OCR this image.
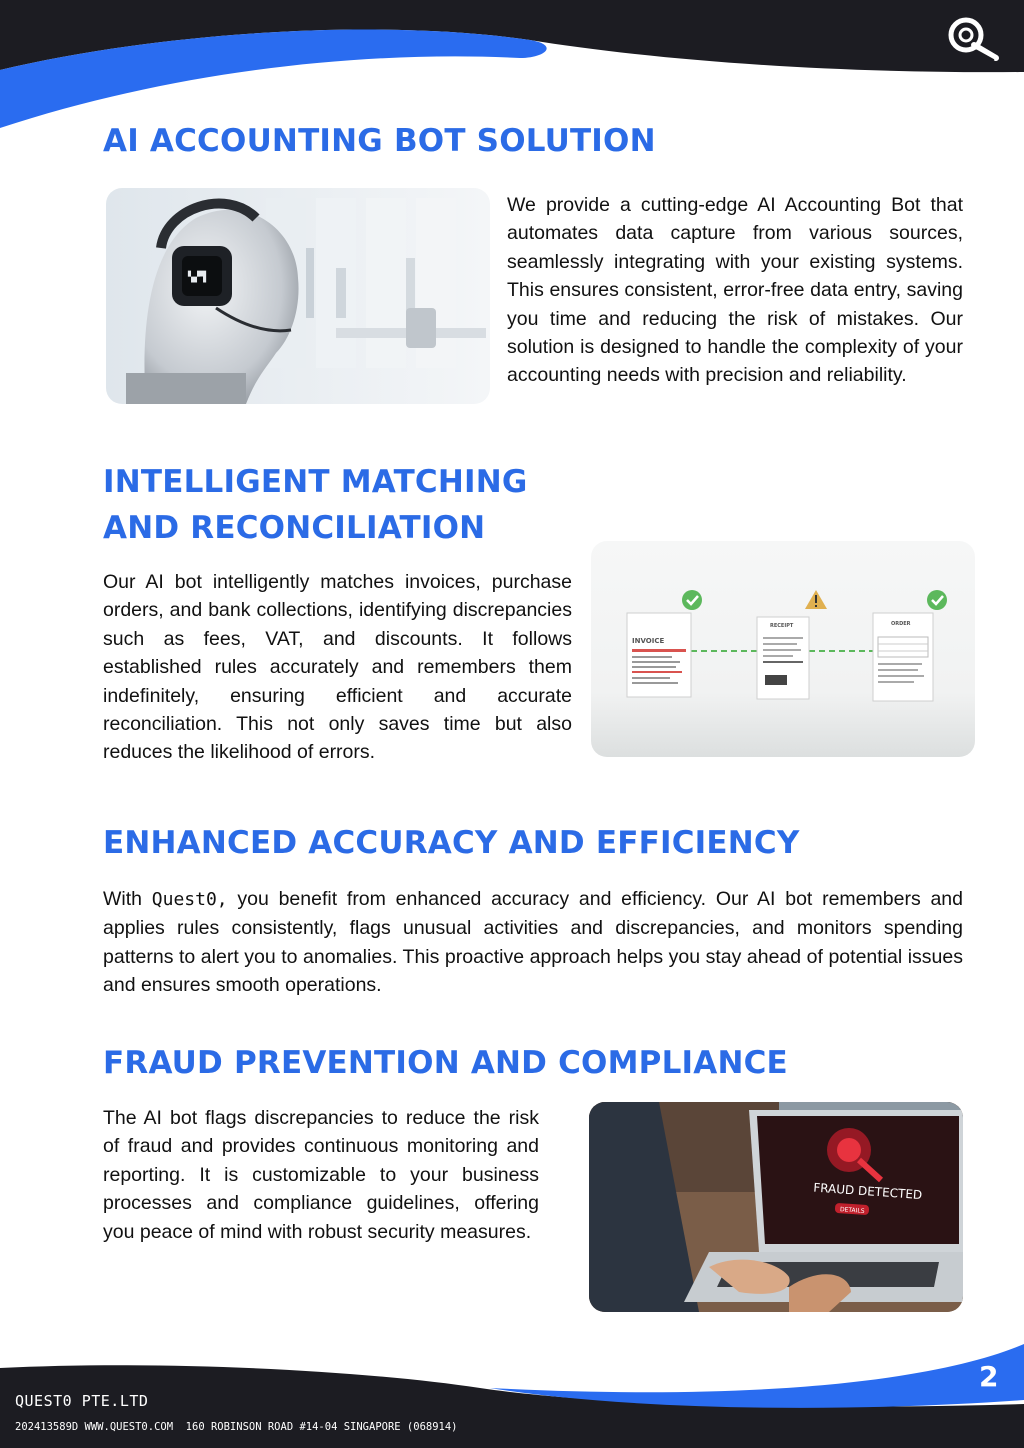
AI ACCOUNTING BOT SOLUTION
▚▞▜

We provide a cutting-edge AI Accounting Bot that automates data capture from various sources, seamlessly integrating with your existing systems. This ensures consistent, error-free data entry, saving you time and reducing the risk of mistakes. Our solution is designed to handle the complexity of your accounting needs with precision and reliability.

INTELLIGENT MATCHING
AND RECONCILIATION

Our AI bot intelligently matches invoices, purchase orders, and bank collections, identifying discrepancies such as fees, VAT, and discounts. It follows established rules accurately and remembers them indefinitely, ensuring efficient and accurate reconciliation. This not only saves time but also reduces the likelihood of errors.

INVOICE
RECEIPT	ORDER
ENHANCED ACCURACY AND EFFICIENCY

With Quest0, you benefit from enhanced accuracy and efficiency. Our AI bot remembers and applies rules consistently, flags unusual activities and discrepancies, and monitors spending patterns to alert you to anomalies. This proactive approach helps you stay ahead of potential issues and ensures smooth operations.

FRAUD PREVENTION AND COMPLIANCE

The AI bot flags discrepancies to reduce the risk of fraud and provides continuous monitoring and reporting. It is customizable to your business processes and compliance guidelines, offering you peace of mind with robust security measures.

FRAUD DETECTED
DETAILS
QUEST0 PTE.LTD
202413589D WWW.QUEST0.COM  160 ROBINSON ROAD #14-04 SINGAPORE (068914)
2
